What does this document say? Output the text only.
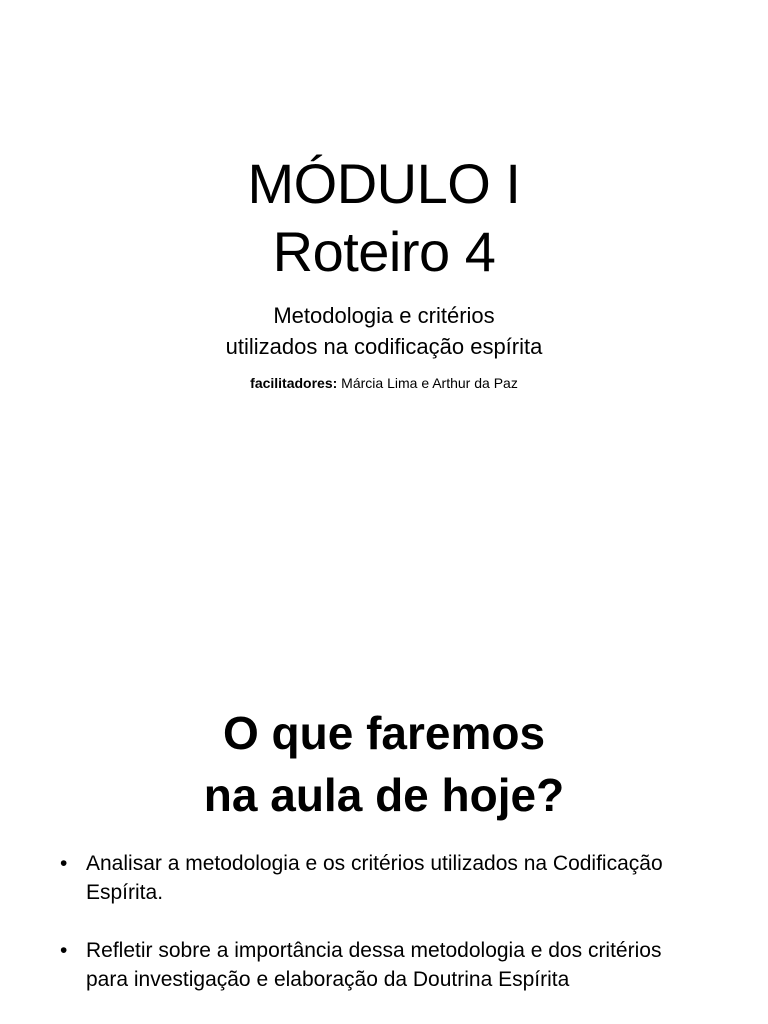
MÓDULO I
Roteiro 4
Metodologia e critérios
utilizados na codificação espírita
facilitadores: Márcia Lima e Arthur da Paz
O que faremos
na aula de hoje?
• Analisar a metodologia e os critérios utilizados na Codificação Espírita.
• Refletir sobre a importância dessa metodologia e dos critérios para investigação e elaboração da Doutrina Espírita
